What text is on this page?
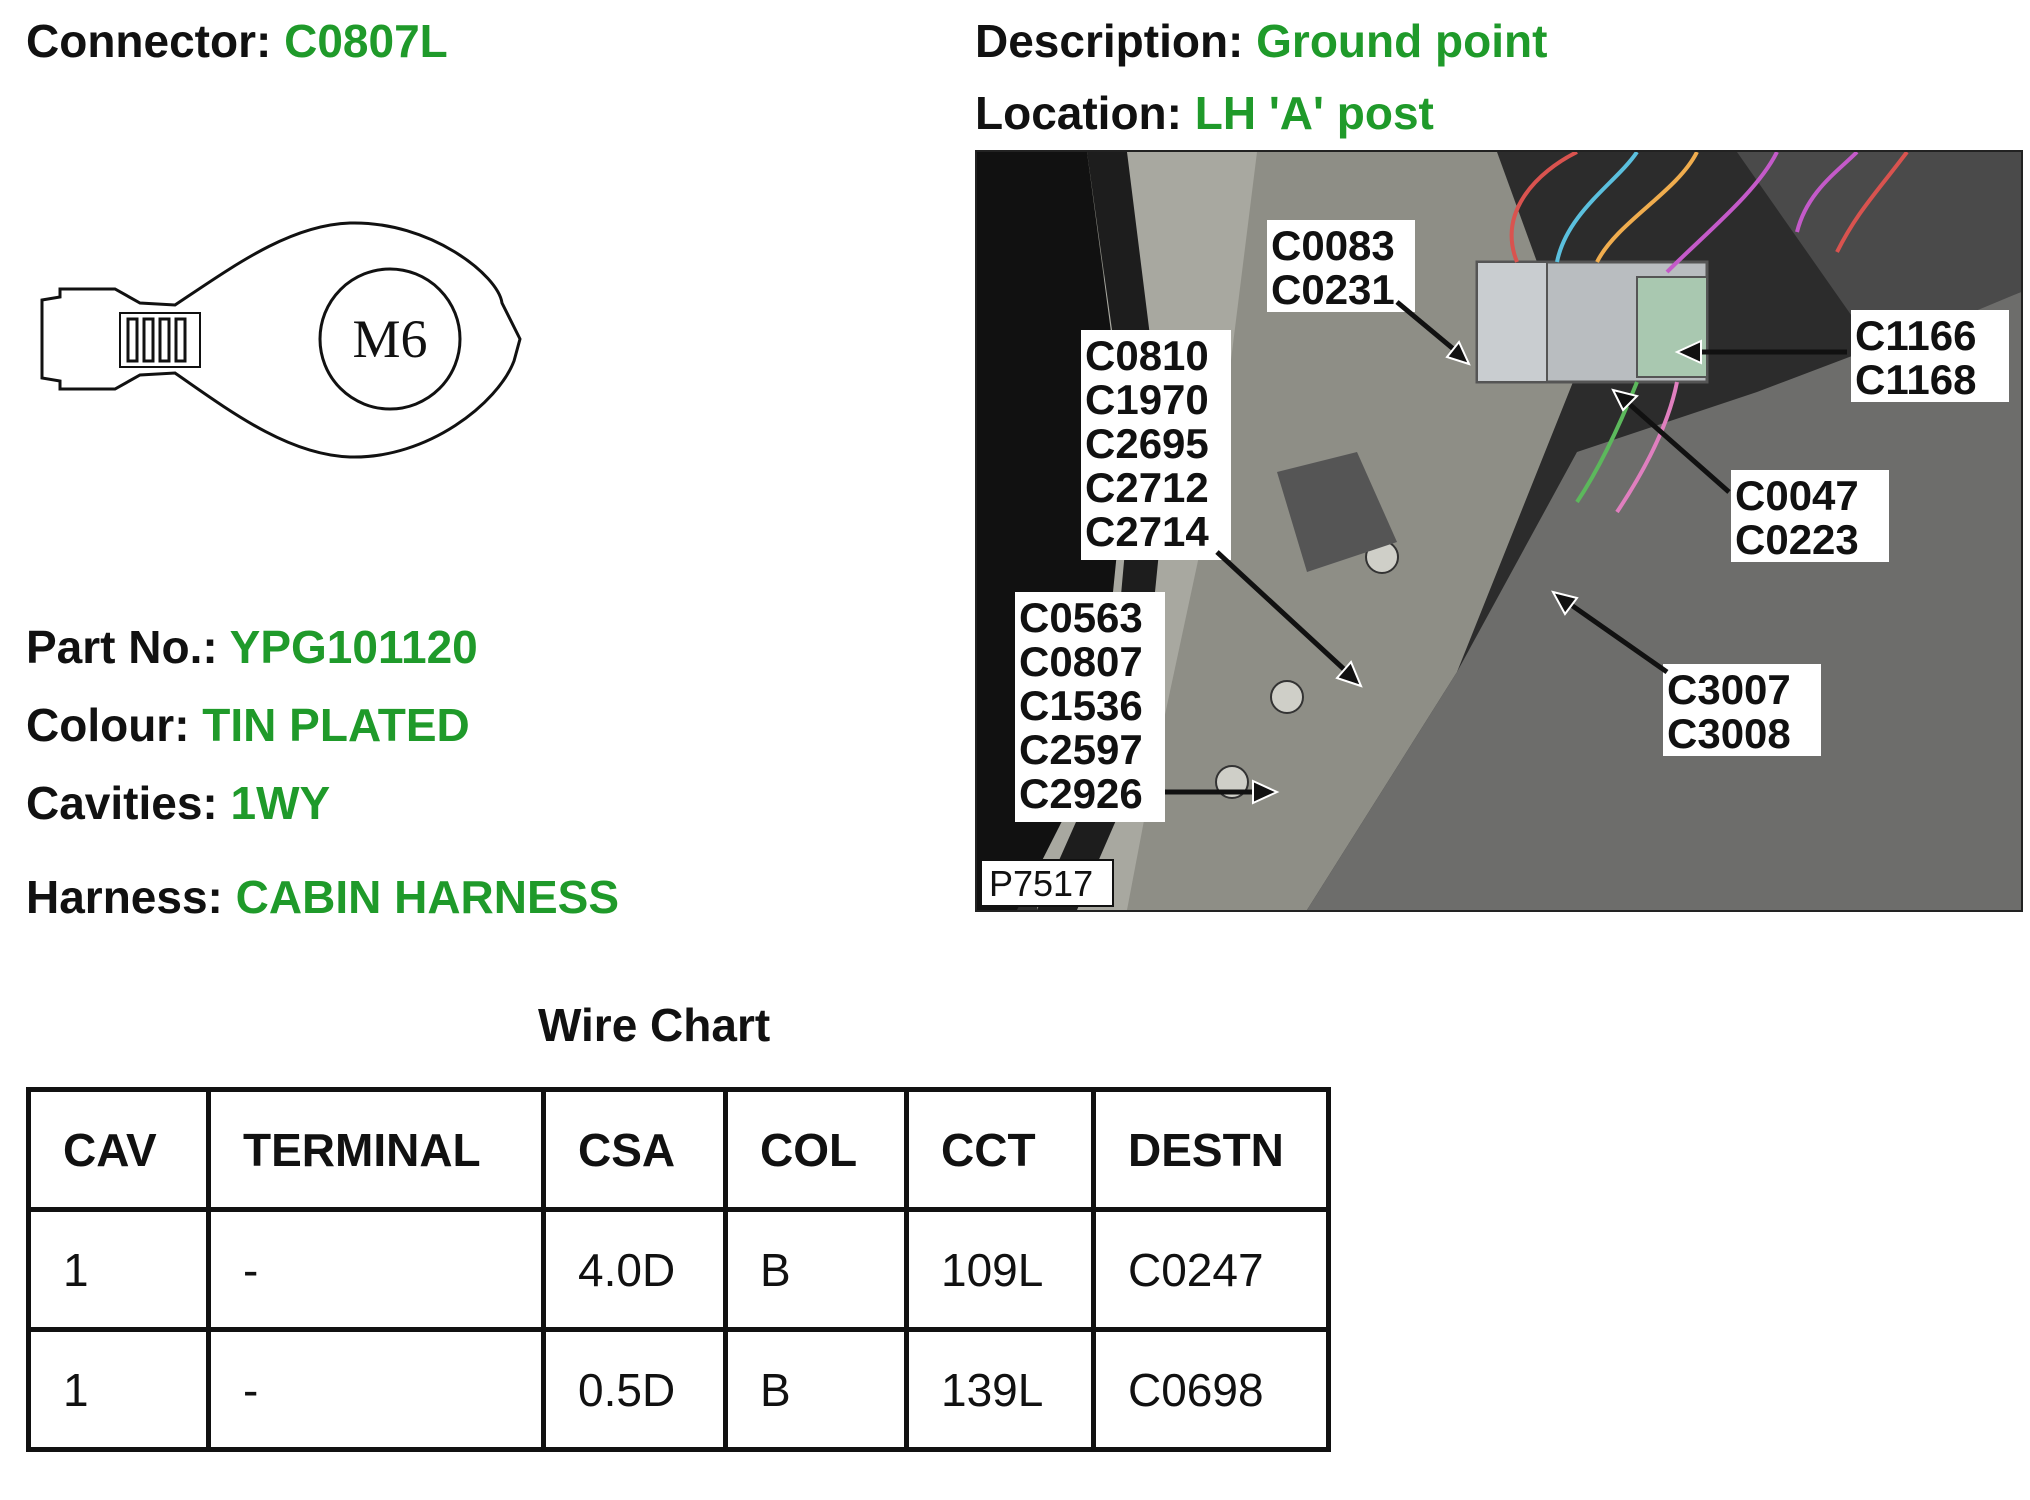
Connector: C0807L	Description: Ground point
Location: LH 'A' post
M6
Part No.: YPG101120
Colour: TIN PLATED
Cavities: 1WY
Harness: CABIN HARNESS
C0083
C0231
C1166
C1168
C0810
C1970
C2695
C2712
C2714
C0047
C0223
C0563
C0807
C1536
C2597
C2926
C3007
C3008
P7517
Wire Chart
CAV	TERMINAL	CSA	COL	CCT	DESTN
1	-	4.0D	B	109L	C0247
1	-	0.5D	B	139L	C0698
